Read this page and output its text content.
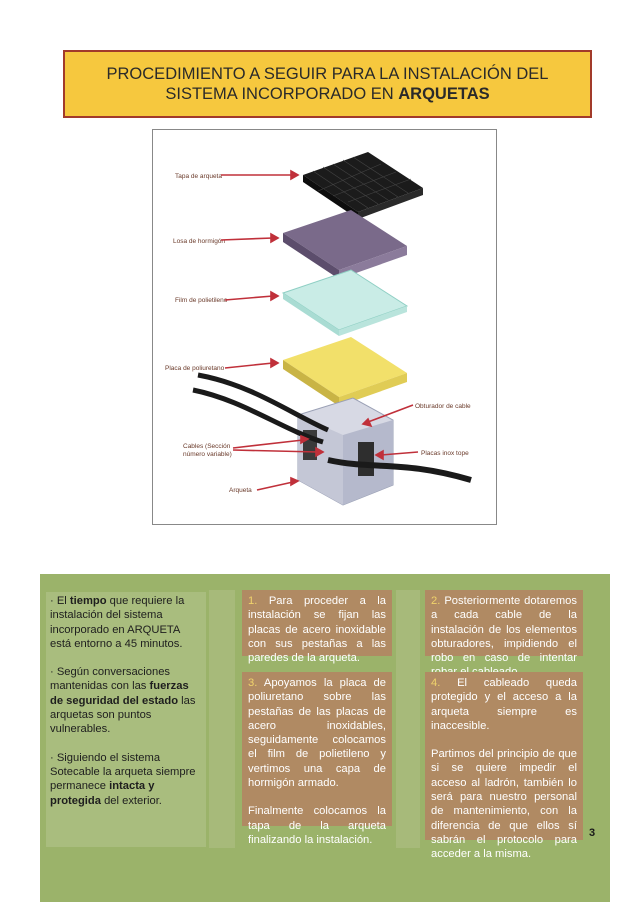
PROCEDIMIENTO A SEGUIR PARA LA INSTALACIÓN DEL
SISTEMA INCORPORADO EN ARQUETAS
Tapa de arqueta
Losa de hormigón
Film de polietileno
Placa de poliuretano
Obturador de cable
Cables (Sección
número variable)	Placas inox tope
Arqueta

· El tiempo que requiere la instalación del sistema incorporado en ARQUETA está entorno a 45 minutos.

· Según conversaciones mantenidas con las fuerzas de seguridad del estado las arquetas son puntos vulnerables.

· Siguiendo el sistema Sotecable la arqueta siempre permanece intacta y protegida del exterior.

1. Para proceder a la instalación se fijan las placas de acero inoxidable con sus pestañas a las paredes de la arqueta.
3. Apoyamos la placa de poliuretano sobre las pestañas de las placas de acero inoxidables, seguidamente colocamos el film de polietileno y vertimos una capa de hormigón armado.
Finalmente colocamos la tapa de la arqueta finalizando la instalación.
2. Posteriormente dotaremos a cada cable de la instalación de los elementos obturadores, impidiendo el robo en caso de intentar
4. El cableado queda protegido y el acceso a la arqueta siempre es inaccesible.
Partimos del principio de que si se quiere impedir el acceso al ladrón, también lo será para nuestro personal de mantenimiento, con la diferencia de que ellos sí sabrán el protocolo para acceder a la misma.
3
